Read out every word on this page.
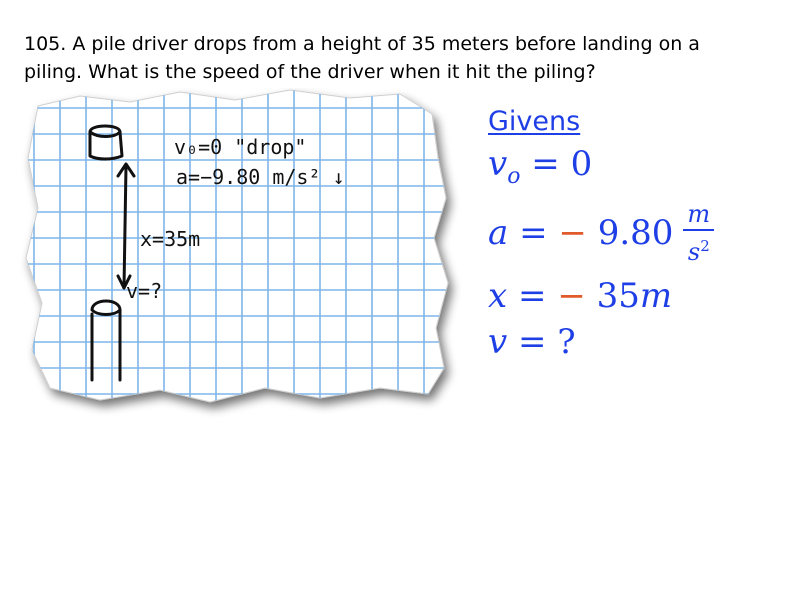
105. A pile driver drops from a height of 35 meters before landing on a
piling. What is the speed of the driver when it hit the piling?
v₀=0 "drop"
a=−9.80 m/s² ↓
x=35m
v=?
Givens
$v_o = 0$
a
=
−
$9.80 \frac{m}{s^2}$
x = − 35m
v = ?
